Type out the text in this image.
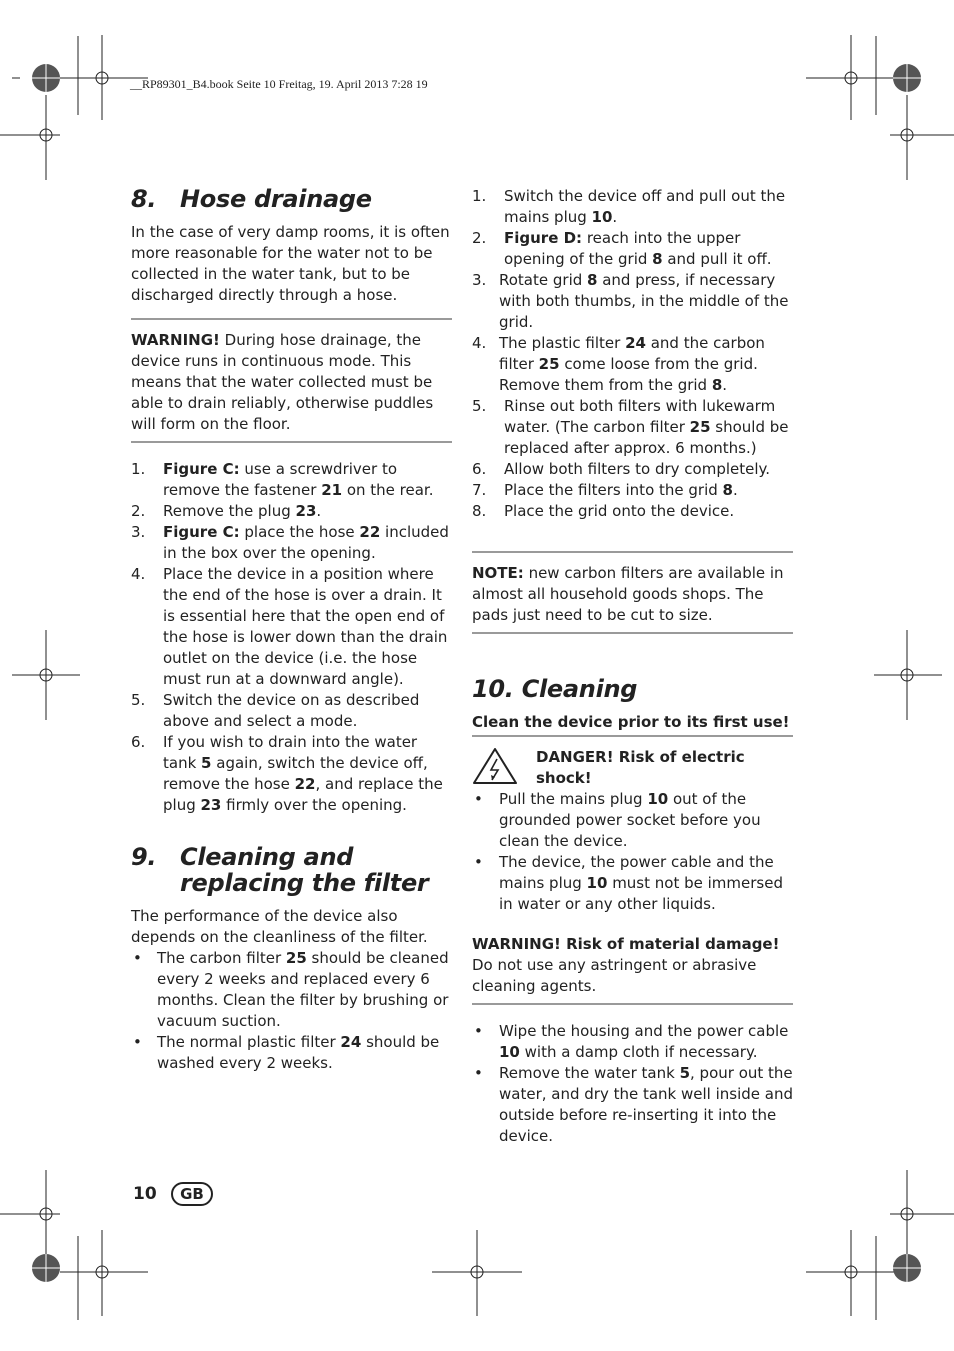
__RP89301_B4.book Seite 10 Freitag, 19. April 2013 7:28 19
8. Hose drainage

In the case of very damp rooms, it is often more reasonable for the water not to be collected in the water tank, but to be discharged directly through a hose.

WARNING! During hose drainage, the device runs in continuous mode. This means that the water collected must be able to drain reliably, otherwise puddles will form on the floor.

1. Figure C: use a screwdriver to remove the fastener 21 on the rear.
2. Remove the plug 23.
3. Figure C: place the hose 22 included in the box over the opening.
4. Place the device in a position where the end of the hose is over a drain. It is essential here that the open end of the hose is lower down than the drain outlet on the device (i.e. the hose must run at a downward angle).
5. Switch the device on as described above and select a mode.
6. If you wish to drain into the water tank 5 again, switch the device off, remove the hose 22, and replace the plug 23 firmly over the opening.
9. Cleaning and replacing the filter

The performance of the device also depends on the cleanliness of the filter.

• The carbon filter 25 should be cleaned every 2 weeks and replaced every 6 months. Clean the filter by brushing or vacuum suction.
• The normal plastic filter 24 should be washed every 2 weeks.
1. Switch the device off and pull out the mains plug 10.
2. Figure D: reach into the upper opening of the grid 8 and pull it off.
3. Rotate grid 8 and press, if necessary with both thumbs, in the middle of the grid.
4. The plastic filter 24 and the carbon filter 25 come loose from the grid. Remove them from the grid 8.
5. Rinse out both filters with lukewarm water. (The carbon filter 25 should be replaced after approx. 6 months.)
6. Allow both filters to dry completely.
7. Place the filters into the grid 8.
8. Place the grid onto the device.

NOTE: new carbon filters are available in almost all household goods shops. The pads just need to be cut to size.

10. Cleaning

Clean the device prior to its first use!

DANGER! Risk of electric shock!

• Pull the mains plug 10 out of the grounded power socket before you clean the device.
• The device, the power cable and the mains plug 10 must not be immersed in water or any other liquids.

WARNING! Risk of material damage! Do not use any astringent or abrasive cleaning agents.

• Wipe the housing and the power cable 10 with a damp cloth if necessary.
• Remove the water tank 5, pour out the water, and dry the tank well inside and outside before re-inserting it into the device.
10	GB
